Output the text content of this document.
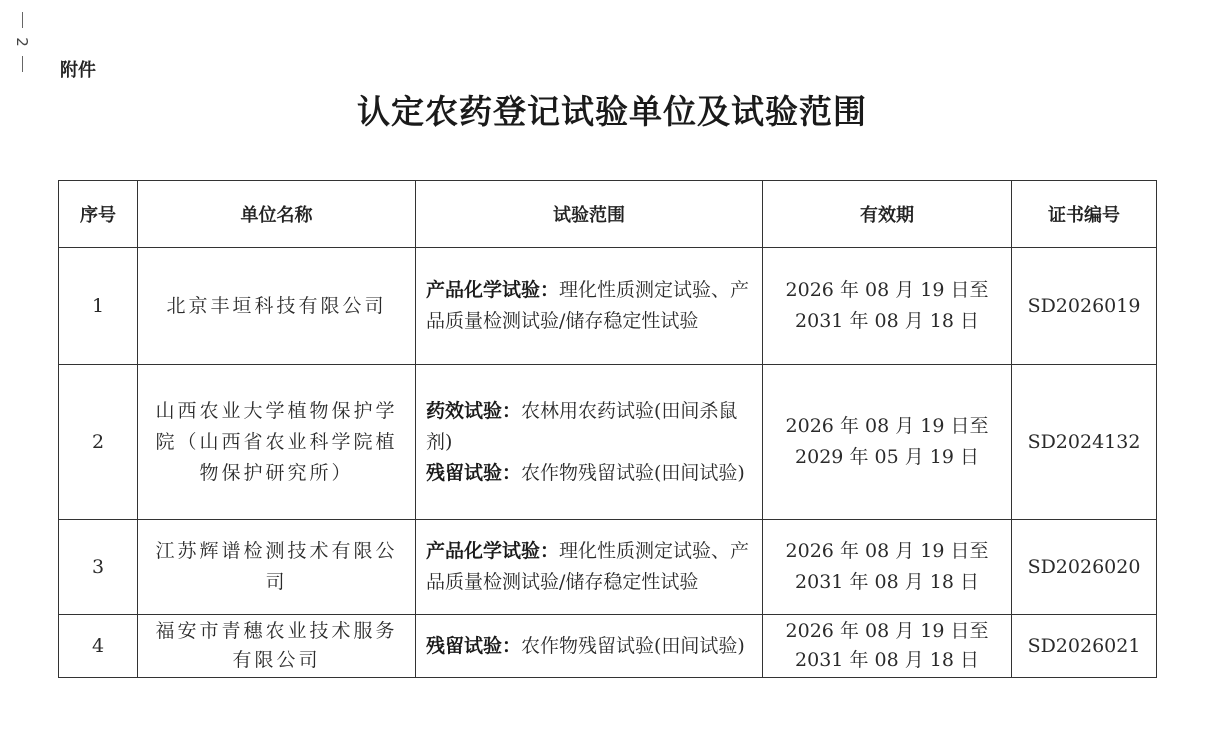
2
附件
认定农药登记试验单位及试验范围
序号	单位名称	试验范围	有效期	证书编号
1	北京丰垣科技有限公司	产品化学试验：理化性质测定试验、产品质量检测试验/储存稳定性试验	2026 年 08 月 19 日至 2031 年 08 月 18 日	SD2026019
2	山西农业大学植物保护学院（山西省农业科学院植物保护研究所）	药效试验：农林用农药试验(田间杀鼠剂)
残留试验：农作物残留试验(田间试验)	2026 年 08 月 19 日至 2029 年 05 月 19 日	SD2024132
3	江苏辉谱检测技术有限公司	产品化学试验：理化性质测定试验、产品质量检测试验/储存稳定性试验	2026 年 08 月 19 日至 2031 年 08 月 18 日	SD2026020
4	福安市青穗农业技术服务有限公司	残留试验：农作物残留试验(田间试验)	2026 年 08 月 19 日至 2031 年 08 月 18 日	SD2026021
